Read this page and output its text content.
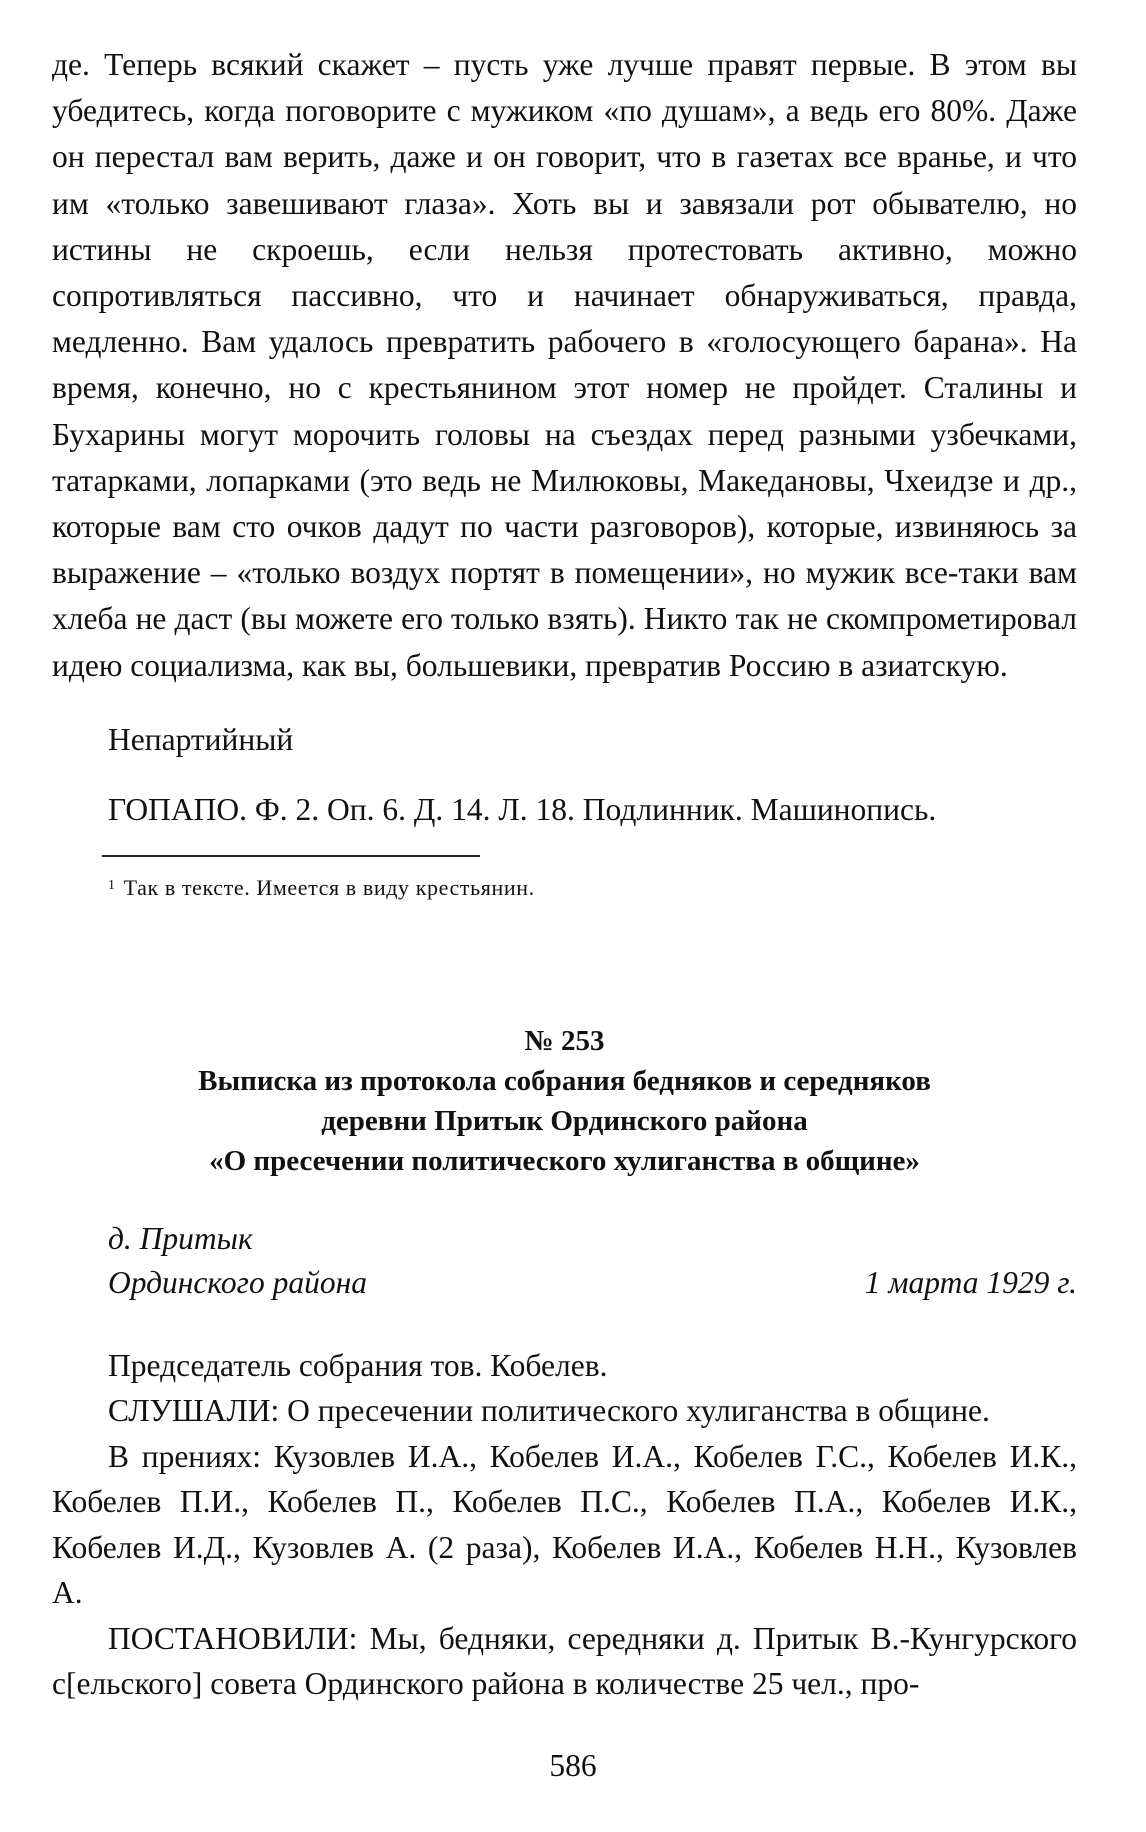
де. Теперь всякий скажет – пусть уже лучше правят первые. В этом вы убедитесь, когда поговорите с мужиком «по душам», а ведь его 80%. Даже он перестал вам верить, даже и он говорит, что в газетах все вранье, и что им «только завешивают глаза». Хоть вы и завязали рот обывателю, но истины не скроешь, если нельзя протестовать активно, можно сопротивляться пассивно, что и начинает обнаруживаться, правда, медленно. Вам удалось превратить рабочего в «голосующего барана». На время, конечно, но с крестьянином этот номер не пройдет. Сталины и Бухарины могут морочить головы на съездах перед разными узбечками, татарками, лопарками (это ведь не Милюковы, Македанoвы, Чхеидзе и др., которые вам сто очков дадут по части разговоров), которые, извиняюсь за выражение – «только воздух портят в помещении», но мужик все-таки вам хлеба не даст (вы можете его только взять). Никто так не скомпрометировал идею социализма, как вы, большевики, превратив Россию в азиатскую.

Непартийный
ГОПАПО. Ф. 2. Оп. 6. Д. 14. Л. 18. Подлинник. Машинопись.
$^1$ Так в тексте. Имеется в виду крестьянин.
№ 253
Выписка из протокола собрания бедняков и середняков
деревни Притык Ординского района
«О пресечении политического хулиганства в общине»
д. Притык
Ординского района	1 марта 1929 г.

Председатель собрания тов. Кобелев.

СЛУШАЛИ: О пресечении политического хулиганства в общине.

В прениях: Кузовлев И.А., Кобелев И.А., Кобелев Г.С., Кобелев И.К., Кобелев П.И., Кобелев П., Кобелев П.С., Кобелев П.А., Кобелев И.К., Кобелев И.Д., Кузовлев А. (2 раза), Кобелев И.А., Кобелев Н.Н., Кузовлев А.

ПОСТАНОВИЛИ: Мы, бедняки, середняки д. Притык В.-Кунгурского с[ельского] совета Ординского района в количестве 25 чел., про-

586
